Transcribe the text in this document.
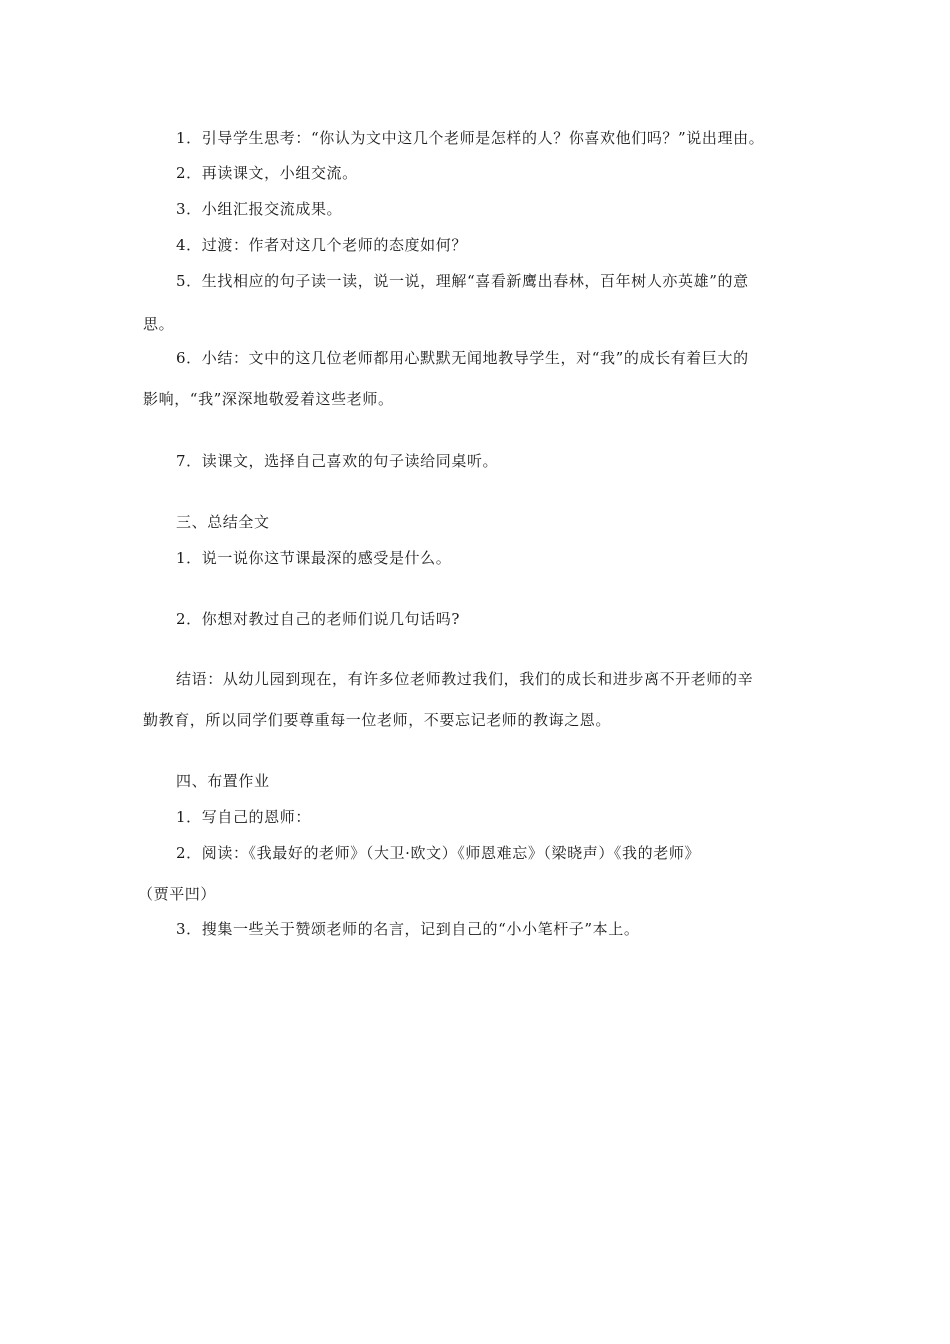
1．引导学生思考：“你认为文中这几个老师是怎样的人？你喜欢他们吗？”说出理由。
2．再读课文，小组交流。
3．小组汇报交流成果。
4．过渡：作者对这几个老师的态度如何？
5．生找相应的句子读一读，说一说，理解“喜看新鹰出春林，百年树人亦英雄”的意
思。
6．小结：文中的这几位老师都用心默默无闻地教导学生，对“我”的成长有着巨大的
影响，“我”深深地敬爱着这些老师。
7．读课文，选择自己喜欢的句子读给同桌听。
三、总结全文
1．说一说你这节课最深的感受是什么。
2．你想对教过自己的老师们说几句话吗?
结语：从幼儿园到现在，有许多位老师教过我们，我们的成长和进步离不开老师的辛
勤教育，所以同学们要尊重每一位老师，不要忘记老师的教诲之恩。
四、布置作业
1．写自己的恩师：
2．阅读：《我最好的老师》（大卫·欧文）《师恩难忘》（梁晓声）《我的老师》
（贾平凹）
3．搜集一些关于赞颂老师的名言，记到自己的“小小笔杆子”本上。
